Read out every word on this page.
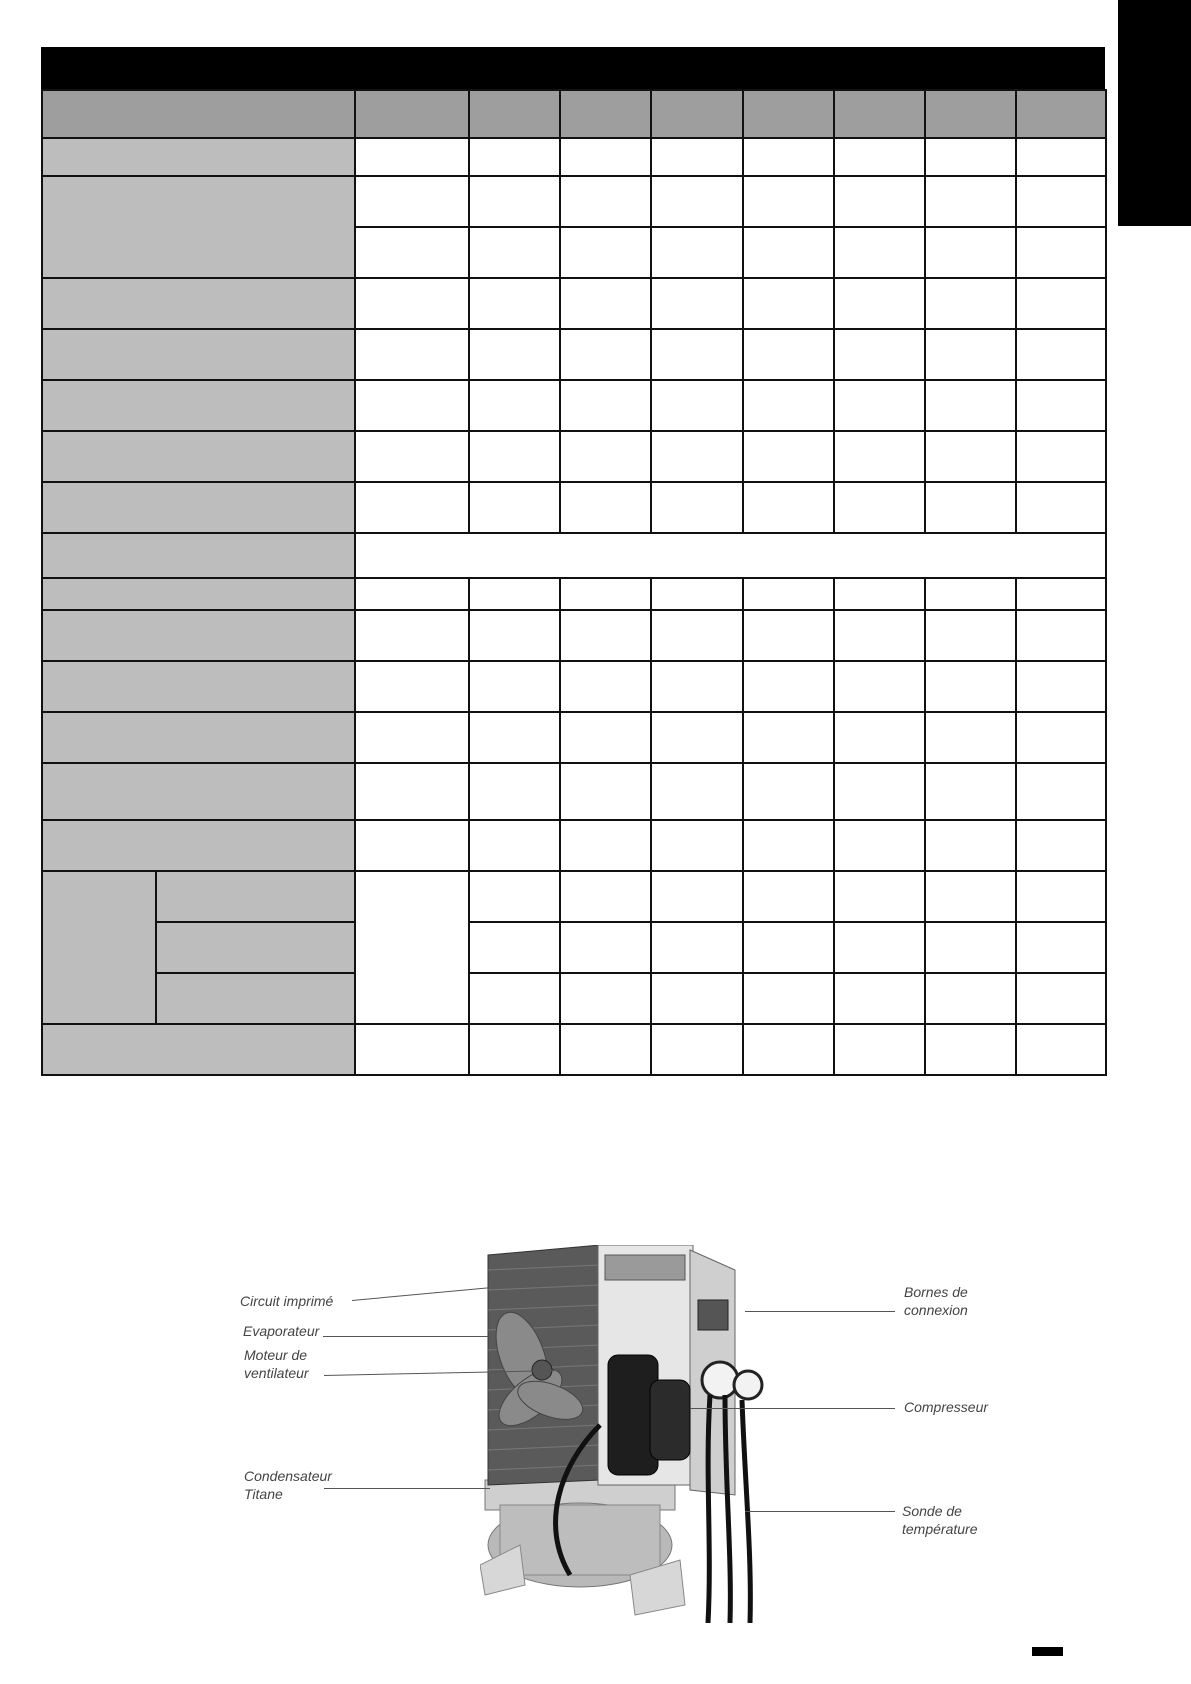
Circuit imprimé
Evaporateur
Moteur de
ventilateur
Condensateur
Titane
Bornes de
connexion
Compresseur
Sonde de
température
